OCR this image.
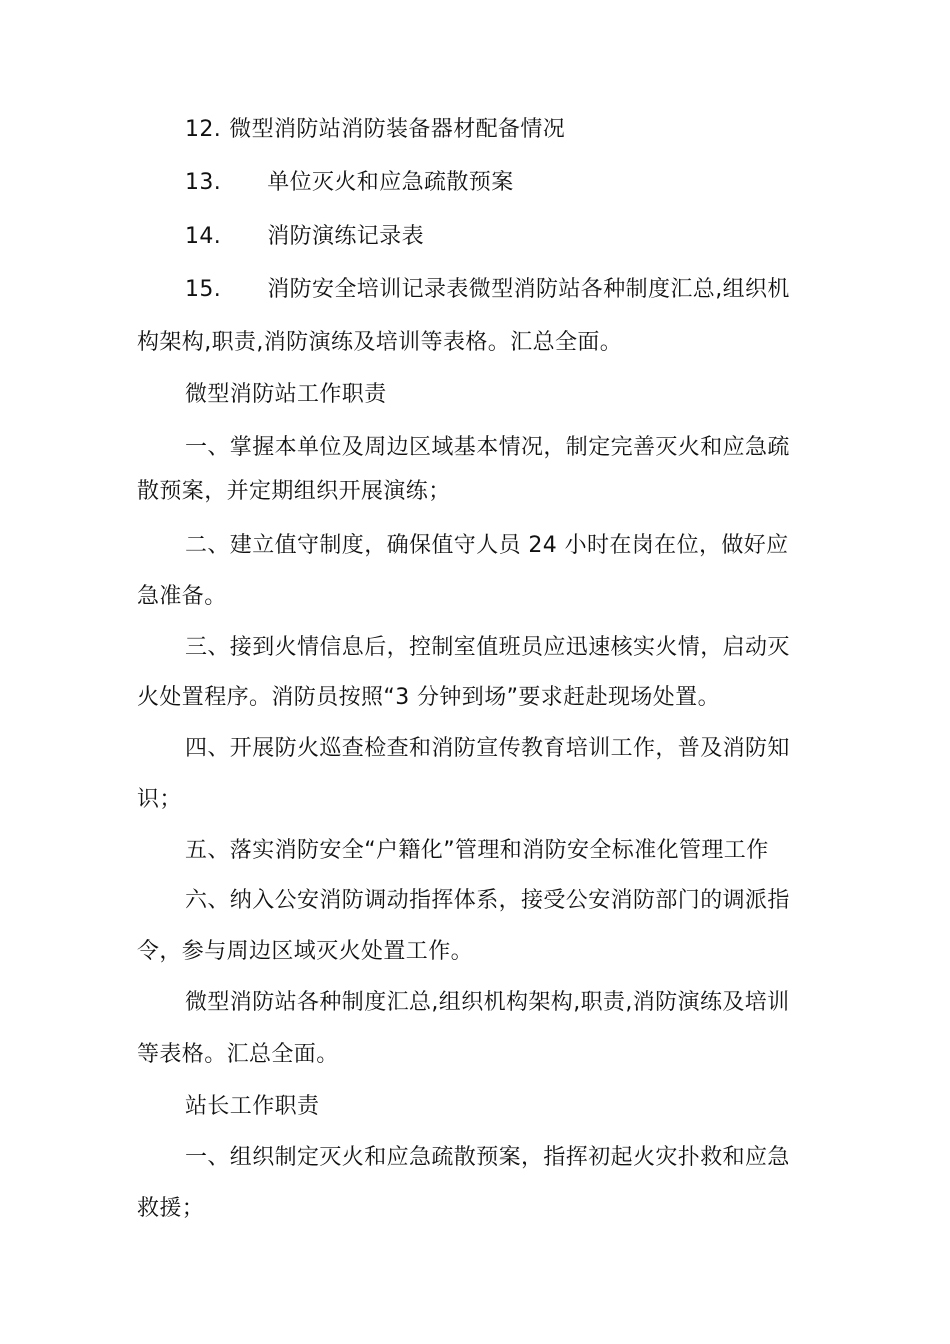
12. 微型消防站消防装备器材配备情况
13. 单位灭火和应急疏散预案
14. 消防演练记录表
15. 消防安全培训记录表微型消防站各种制度汇总,组织机
构架构,职责,消防演练及培训等表格。汇总全面。
微型消防站工作职责
一、掌握本单位及周边区域基本情况，制定完善灭火和应急疏
散预案，并定期组织开展演练；
二、建立值守制度，确保值守人员 24 小时在岗在位，做好应
急准备。
三、接到火情信息后，控制室值班员应迅速核实火情，启动灭
火处置程序。消防员按照“3 分钟到场”要求赶赴现场处置。
四、开展防火巡查检查和消防宣传教育培训工作，普及消防知
识；
五、落实消防安全“户籍化”管理和消防安全标准化管理工作
六、纳入公安消防调动指挥体系，接受公安消防部门的调派指
令，参与周边区域灭火处置工作。
微型消防站各种制度汇总,组织机构架构,职责,消防演练及培训
等表格。汇总全面。
站长工作职责
一、组织制定灭火和应急疏散预案，指挥初起火灾扑救和应急
救援；
